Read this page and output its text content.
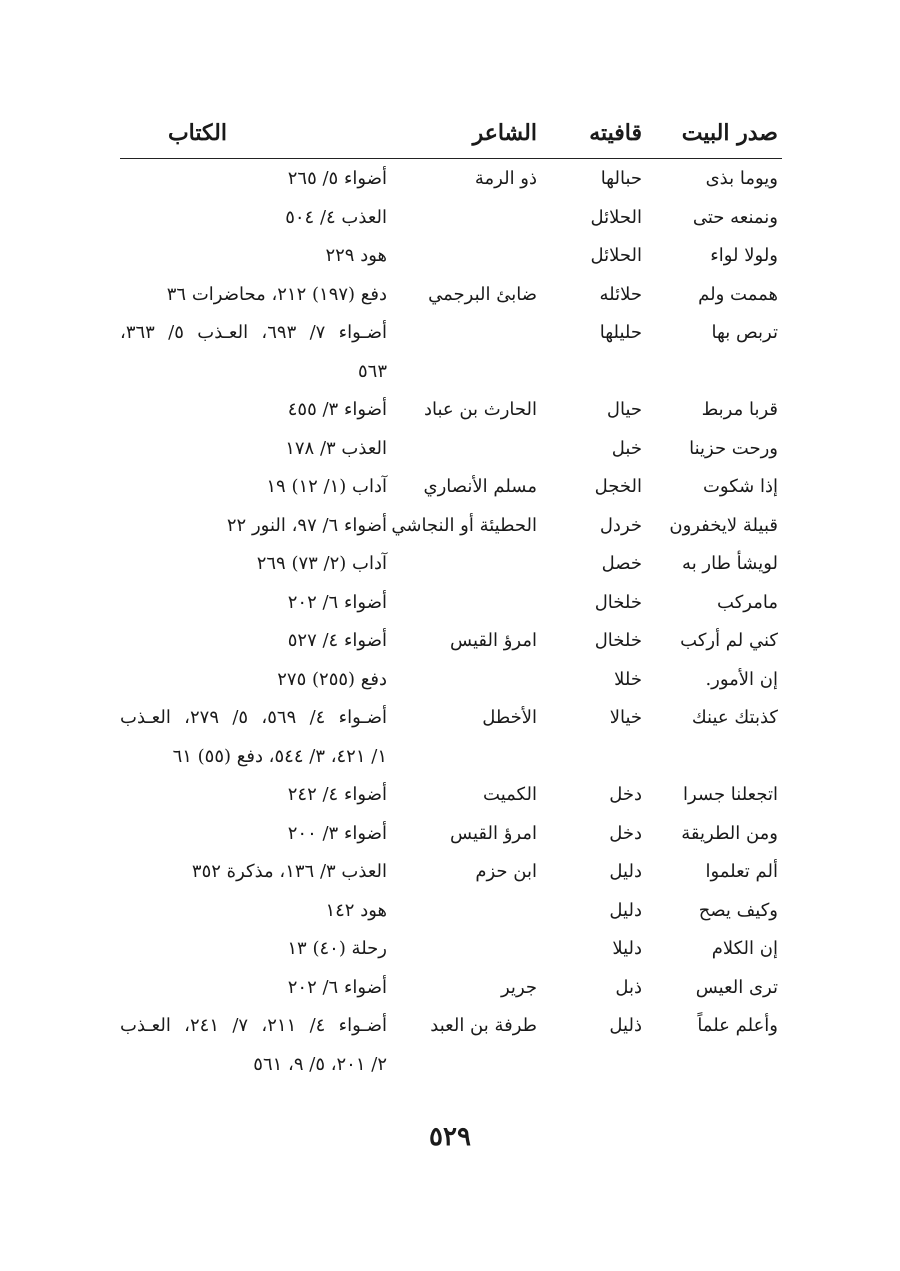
صدر البيت
قافيته
الشاعر
الكتاب
ويوما بذى
حبالها
ذو الرمة
أضواء ٥/ ٢٦٥
ونمنعه حتى
الحلائل
العذب ٤/ ٥٠٤
ولولا لواء
الحلائل
هود ٢٢٩
هممت ولم
حلائله
ضابئ البرجمي
دفع (١٩٧) ٢١٢، محاضرات ٣٦
تربص بها
حليلها
أضـواء ٧/ ٦٩٣، العـذب ٥/ ٣٦٣،
٥٦٣
قربا مربط
حيال
الحارث بن عباد
أضواء ٣/ ٤٥٥
ورحت حزينا
خبل
العذب ٣/ ١٧٨
إذا شكوت
الخجل
مسلم الأنصاري
آداب (١/ ١٢) ١٩
قبيلة لايخفرون
خردل
الحطيئة أو النجاشي
أضواء ٦/ ٩٧، النور ٢٢
لويشأ طار به
خصل
آداب (٢/ ٧٣) ٢٦٩
مامركب
خلخال
أضواء ٦/ ٢٠٢
كني لم أركب
خلخال
امرؤ القيس
أضواء ٤/ ٥٢٧
إن الأمور.
خللا
دفع (٢٥٥) ٢٧٥
كذبتك عينك
خيالا
الأخطل
أضـواء ٤/ ٥٦٩، ٥/ ٢٧٩، العـذب
١/ ٤٢١، ٣/ ٥٤٤، دفع (٥٥) ٦١
اتجعلنا جسرا
دخل
الكميت
أضواء ٤/ ٢٤٢
ومن الطريقة
دخل
امرؤ القيس
أضواء ٣/ ٢٠٠
ألم تعلموا
دليل
ابن حزم
العذب ٣/ ١٣٦، مذكرة ٣٥٢
وكيف يصح
دليل
هود ١٤٢
إن الكلام
دليلا
رحلة (٤٠) ١٣
ترى العيس
ذبل
جرير
أضواء ٦/ ٢٠٢
وأعلم علماً
ذليل
طرفة بن العبد
أضـواء ٤/ ٢١١، ٧/ ٢٤١، العـذب
٢/ ٢٠١، ٥/ ٩، ٥٦١
٥٢٩
